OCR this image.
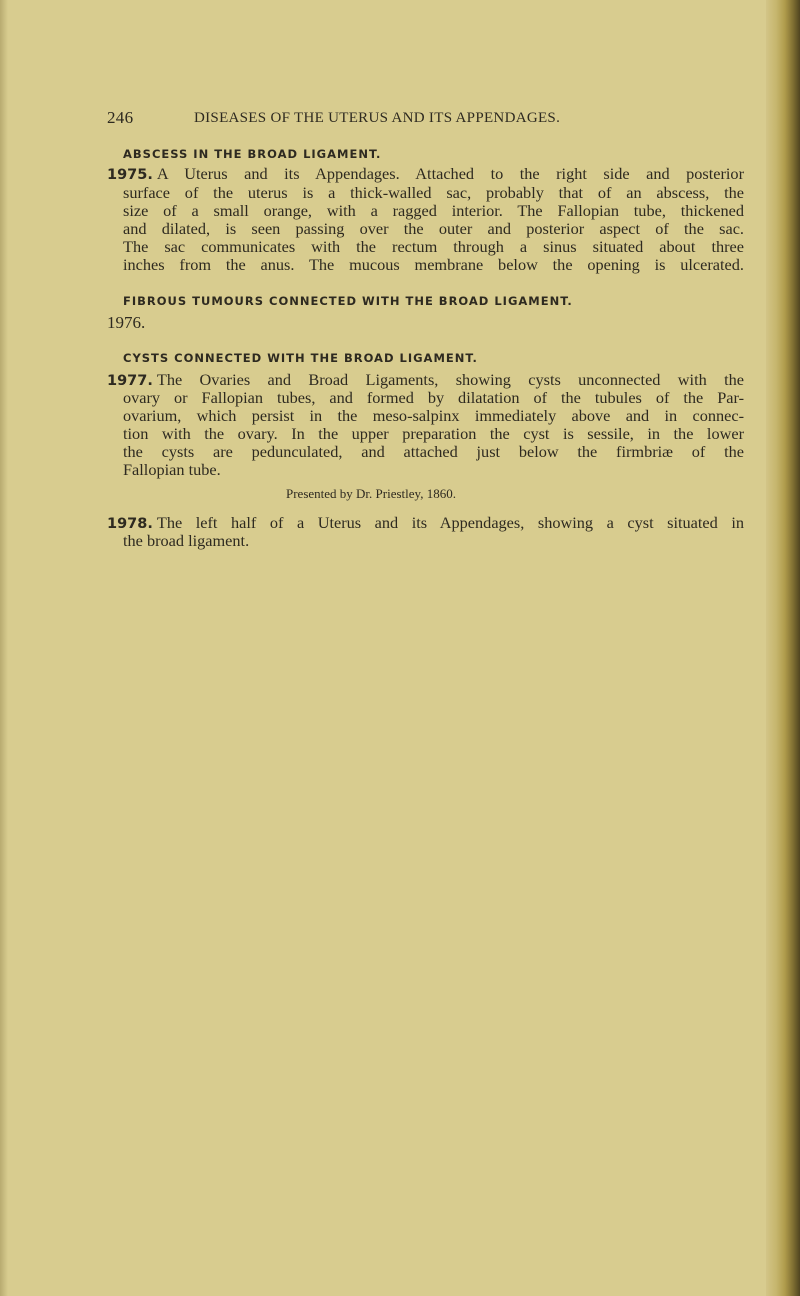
246	DISEASES OF THE UTERUS AND ITS APPENDAGES.
ABSCESS IN THE BROAD LIGAMENT.
1975. A Uterus and its Appendages. Attached to the right side and posterior
surface of the uterus is a thick-walled sac, probably that of an abscess, the
size of a small orange, with a ragged interior. The Fallopian tube, thickened
and dilated, is seen passing over the outer and posterior aspect of the sac.
The sac communicates with the rectum through a sinus situated about three
inches from the anus. The mucous membrane below the opening is ulcerated.
FIBROUS TUMOURS CONNECTED WITH THE BROAD LIGAMENT.
1976.
CYSTS CONNECTED WITH THE BROAD LIGAMENT.
1977. The Ovaries and Broad Ligaments, showing cysts unconnected with the
ovary or Fallopian tubes, and formed by dilatation of the tubules of the Par-
ovarium, which persist in the meso-salpinx immediately above and in connec-
tion with the ovary. In the upper preparation the cyst is sessile, in the lower
the cysts are pedunculated, and attached just below the firmbriæ of the
Fallopian tube.
Presented by Dr. Priestley, 1860.
1978. The left half of a Uterus and its Appendages, showing a cyst situated in
the broad ligament.
